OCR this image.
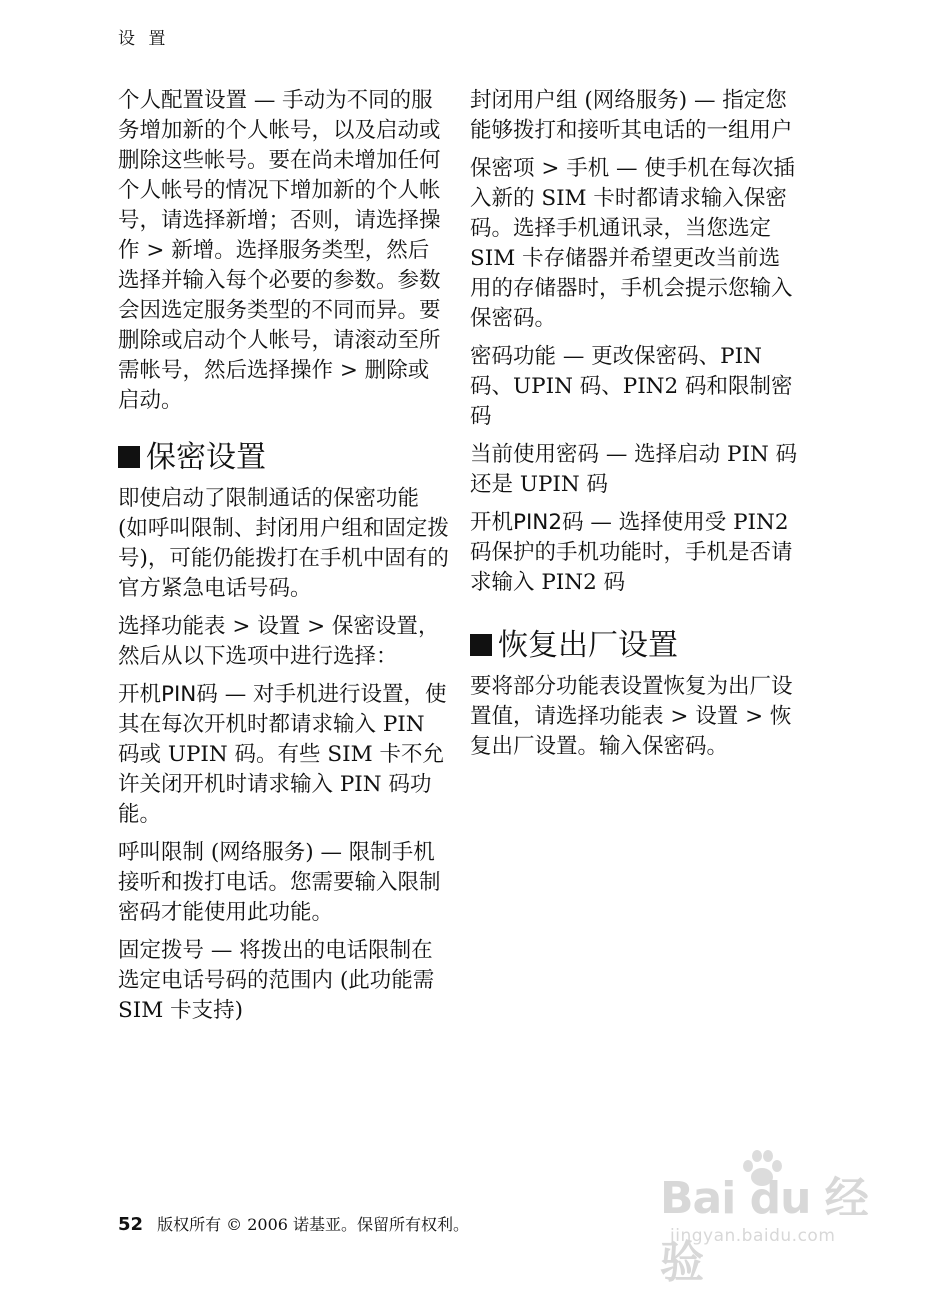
设 置

个人配置设置 — 手动为不同的服务增加新的个人帐号，以及启动或删除这些帐号。要在尚未增加任何个人帐号的情况下增加新的个人帐号，请选择新增；否则，请选择操作 > 新增。选择服务类型，然后选择并输入每个必要的参数。参数会因选定服务类型的不同而异。要删除或启动个人帐号，请滚动至所需帐号，然后选择操作 > 删除或启动。

保密设置

即使启动了限制通话的保密功能 (如呼叫限制、封闭用户组和固定拨号)，可能仍能拨打在手机中固有的官方紧急电话号码。

选择功能表 > 设置 > 保密设置，然后从以下选项中进行选择：

开机PIN码 — 对手机进行设置，使其在每次开机时都请求输入 PIN 码或 UPIN 码。有些 SIM 卡不允许关闭开机时请求输入 PIN 码功能。

呼叫限制 (网络服务) — 限制手机接听和拨打电话。您需要输入限制密码才能使用此功能。

固定拨号 — 将拨出的电话限制在选定电话号码的范围内 (此功能需 SIM 卡支持)

封闭用户组 (网络服务) — 指定您能够拨打和接听其电话的一组用户

保密项 > 手机 — 使手机在每次插入新的 SIM 卡时都请求输入保密码。选择手机通讯录，当您选定 SIM 卡存储器并希望更改当前选用的存储器时，手机会提示您输入保密码。

密码功能 — 更改保密码、PIN 码、UPIN 码、PIN2 码和限制密码

当前使用密码 — 选择启动 PIN 码还是 UPIN 码

开机PIN2码 — 选择使用受 PIN2 码保护的手机功能时，手机是否请求输入 PIN2 码

恢复出厂设置

要将部分功能表设置恢复为出厂设置值，请选择功能表 > 设置 > 恢复出厂设置。输入保密码。

52 版权所有 © 2006 诺基亚。保留所有权利。
Bai du 经验
jingyan.baidu.com
